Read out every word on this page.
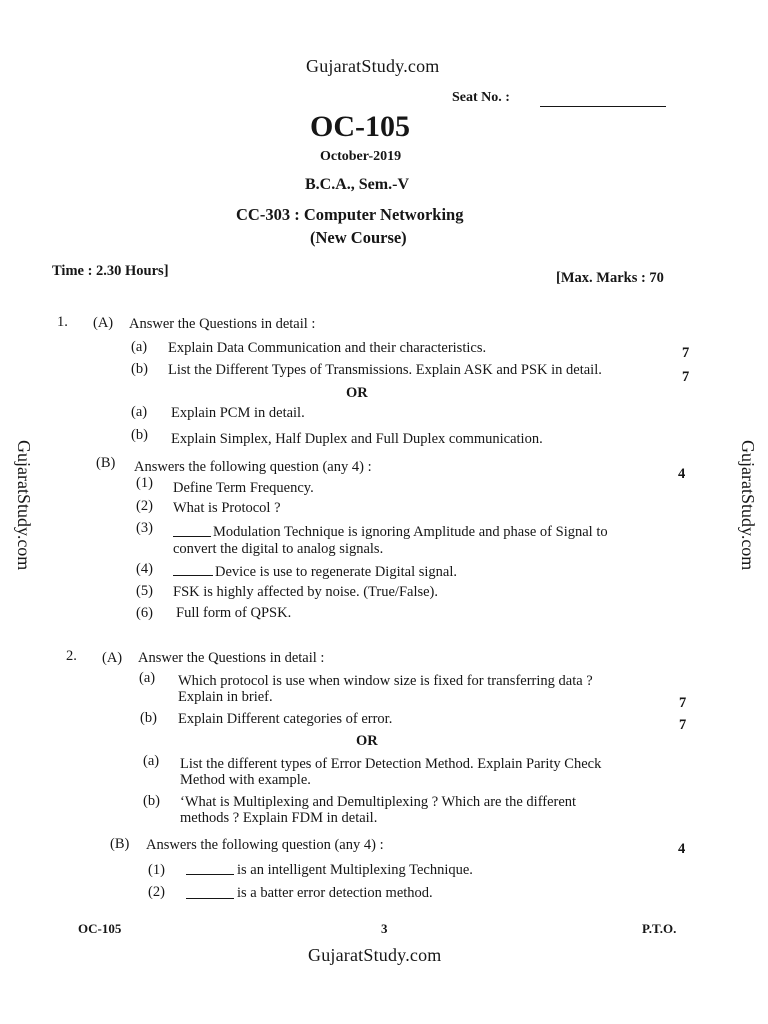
GujaratStudy.com
GujaratStudy.com
GujaratStudy.com	GujaratStudy.com
Seat No. :
OC-105
October-2019
B.C.A., Sem.-V
CC-303 : Computer Networking
(New Course)
Time : 2.30 Hours]	[Max. Marks : 70
1. (A) Answer the Questions in detail :
(a) Explain Data Communication and their characteristics.	7
(b) List the Different Types of Transmissions. Explain ASK and PSK in detail.	7
OR
(a) Explain PCM in detail.
(b) Explain Simplex, Half Duplex and Full Duplex communication.
(B) Answers the following question (any 4) :	4
(1) Define Term Frequency.
(2) What is Protocol ?
(3)	Modulation Technique is ignoring Amplitude and phase of Signal to
convert the digital to analog signals.
(4)	Device is use to regenerate Digital signal.
(5) FSK is highly affected by noise. (True/False).
(6) Full form of QPSK.
2. (A) Answer the Questions in detail :
(a) Which protocol is use when window size is fixed for transferring data ?
Explain in brief.	7
(b) Explain Different categories of error.	7
OR
(a) List the different types of Error Detection Method. Explain Parity Check
Method with example.
(b) ‘What is Multiplexing and Demultiplexing ? Which are the different
methods ? Explain FDM in detail.
(B) Answers the following question (any 4) :	4
(1)	is an intelligent Multiplexing Technique.
(2)	is a batter error detection method.
OC-105	3	P.T.O.
